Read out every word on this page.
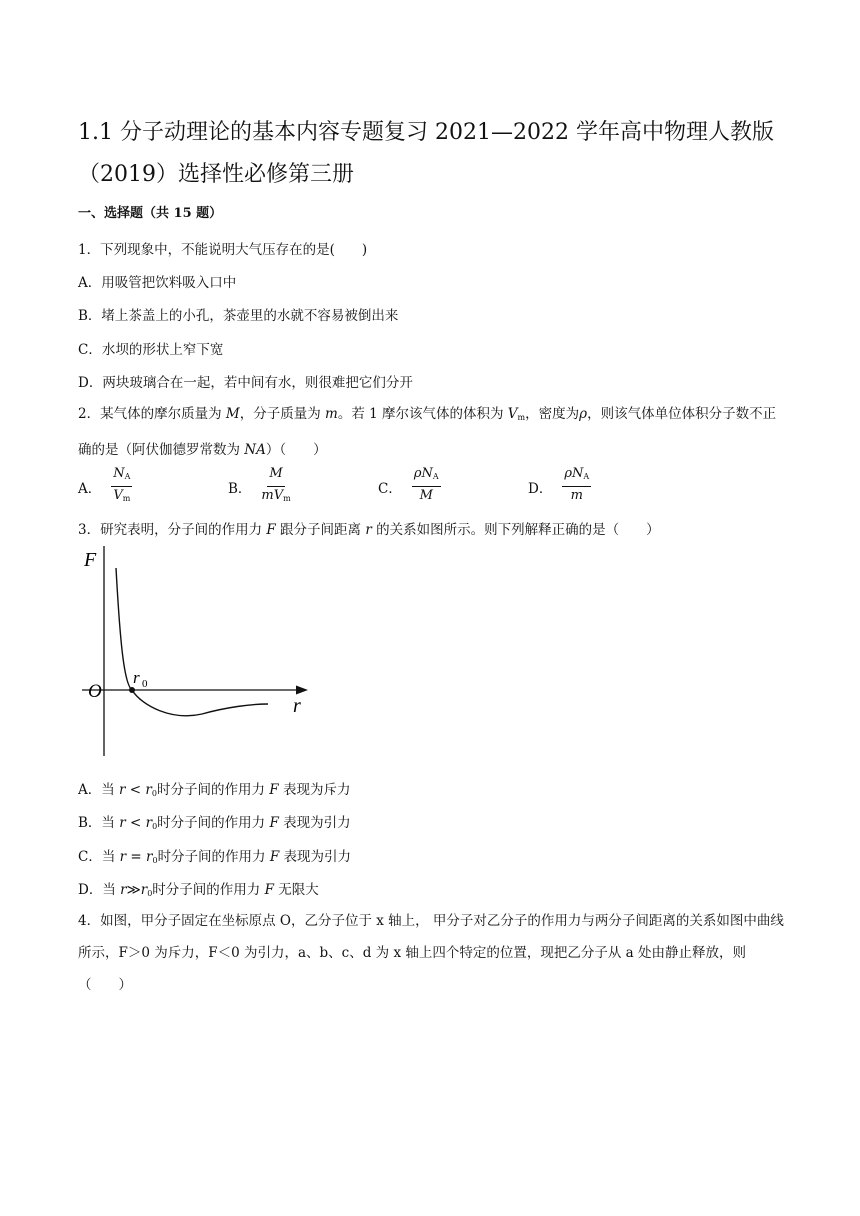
1.1 分子动理论的基本内容专题复习 2021—2022 学年高中物理人教版（2019）选择性必修第三册
一、选择题（共 15 题）
1．下列现象中，不能说明大气压存在的是(　　)
A．用吸管把饮料吸入口中
B．堵上茶盖上的小孔，茶壶里的水就不容易被倒出来
C．水坝的形状上窄下宽
D．两块玻璃合在一起，若中间有水，则很难把它们分开
2．某气体的摩尔质量为 M，分子质量为 m。若 1 摩尔该气体的体积为 $V_m$，密度为ρ，则该气体单位体积分子数不正确的是（阿伏伽德罗常数为 NA）（　　）
A． $\frac{N_A}{V_m}$	B． $\frac{M}{mV_m}$	C． $\frac{\rho N_A}{M}$	D． $\frac{\rho N_A}{m}$
3．研究表明，分子间的作用力 F 跟分子间距离 r 的关系如图所示。则下列解释正确的是（　　）
F
r
O
r 0
A．当 $r < r_0$时分子间的作用力 F 表现为斥力
B．当 $r < r_0$时分子间的作用力 F 表现为引力
C．当 $r = r_0$时分子间的作用力 F 表现为引力
D．当 $r≫r_0$时分子间的作用力 F 无限大
4．如图，甲分子固定在坐标原点 O，乙分子位于 x 轴上， 甲分子对乙分子的作用力与两分子间距离的关系如图中曲线所示，F＞0 为斥力，F＜0 为引力，a、b、c、d 为 x 轴上四个特定的位置，现把乙分子从 a 处由静止释放，则（　　）
